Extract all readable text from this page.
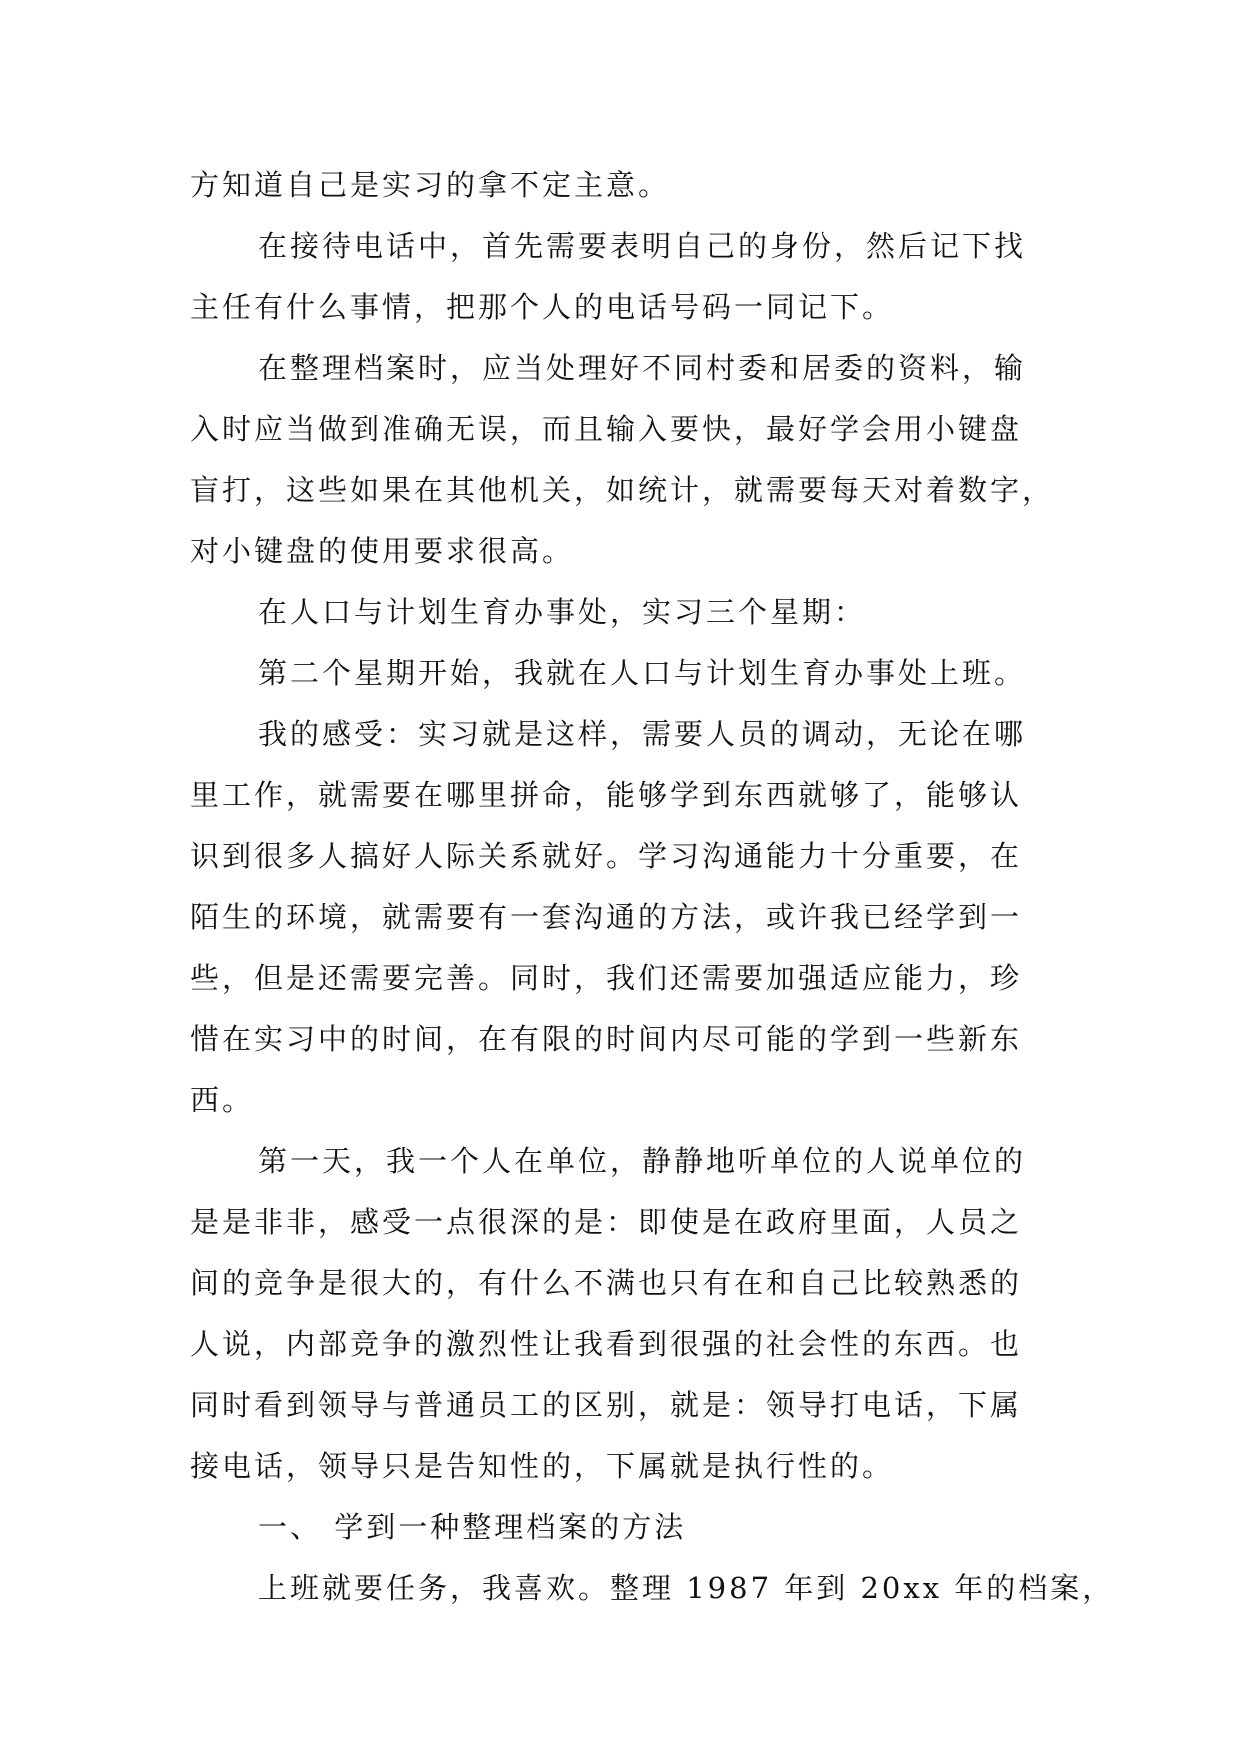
方知道自己是实习的拿不定主意。
在接待电话中，首先需要表明自己的身份，然后记下找
主任有什么事情，把那个人的电话号码一同记下。
在整理档案时，应当处理好不同村委和居委的资料，输
入时应当做到准确无误，而且输入要快，最好学会用小键盘
盲打，这些如果在其他机关，如统计，就需要每天对着数字，
对小键盘的使用要求很高。
在人口与计划生育办事处，实习三个星期：
第二个星期开始，我就在人口与计划生育办事处上班。
我的感受：实习就是这样，需要人员的调动，无论在哪
里工作，就需要在哪里拼命，能够学到东西就够了，能够认
识到很多人搞好人际关系就好。学习沟通能力十分重要，在
陌生的环境，就需要有一套沟通的方法，或许我已经学到一
些，但是还需要完善。同时，我们还需要加强适应能力，珍
惜在实习中的时间，在有限的时间内尽可能的学到一些新东
西。
第一天，我一个人在单位，静静地听单位的人说单位的
是是非非，感受一点很深的是：即使是在政府里面，人员之
间的竞争是很大的，有什么不满也只有在和自己比较熟悉的
人说，内部竞争的激烈性让我看到很强的社会性的东西。也
同时看到领导与普通员工的区别，就是：领导打电话，下属
接电话，领导只是告知性的，下属就是执行性的。
一、 学到一种整理档案的方法
上班就要任务，我喜欢。整理 1987 年到 20xx 年的档案，
